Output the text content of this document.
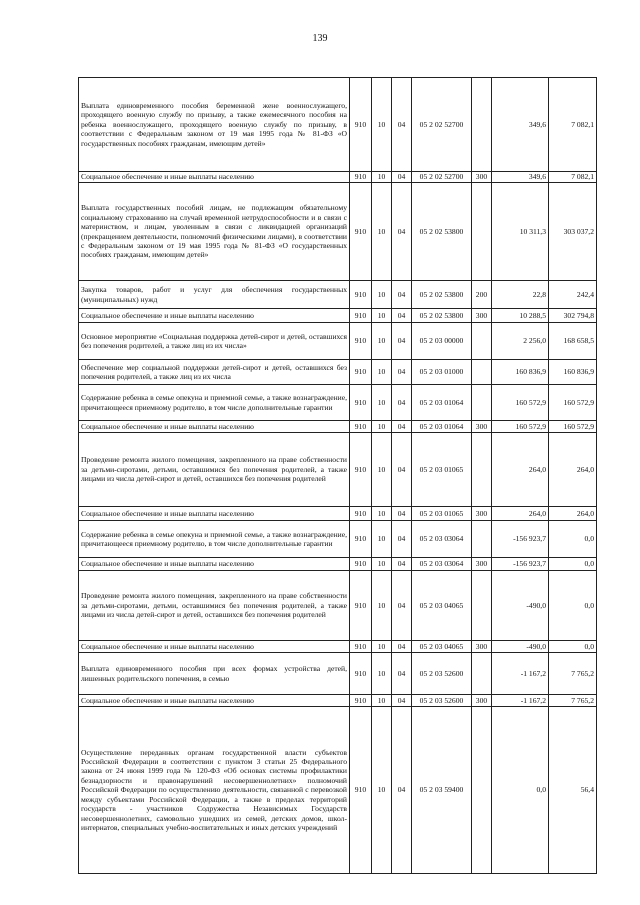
139
Выплата единовременного пособия беременной жене военнослужащего, проходящего военную службу по призыву, а также ежемесячного пособия на ребенка военнослужащего, проходящего военную службу по призыву, в соответствии с Федеральным законом от 19 мая 1995 года № 81-ФЗ «О государственных пособиях гражданам, имеющим детей»	910	10	04	05 2 02 52700		349,6	7 082,1
Социальное обеспечение и иные выплаты населению	910	10	04	05 2 02 52700	300	349,6	7 082,1
Выплата государственных пособий лицам, не подлежащим обязательному социальному страхованию на случай временной нетрудоспособности и в связи с материнством, и лицам, уволенным в связи с ликвидацией организаций (прекращением деятельности, полномочий физическими лицами), в соответствии с Федеральным законом от 19 мая 1995 года № 81-ФЗ «О государственных пособиях гражданам, имеющим детей»	910	10	04	05 2 02 53800		10 311,3	303 037,2
Закупка товаров, работ и услуг для обеспечения государственных (муниципальных) нужд	910	10	04	05 2 02 53800	200	22,8	242,4
Социальное обеспечение и иные выплаты населению	910	10	04	05 2 02 53800	300	10 288,5	302 794,8
Основное мероприятие «Социальная поддержка детей-сирот и детей, оставшихся без попечения родителей, а также лиц из их числа»	910	10	04	05 2 03 00000		2 256,0	168 658,5
Обеспечение мер социальной поддержки детей-сирот и детей, оставшихся без попечения родителей, а также лиц из их числа	910	10	04	05 2 03 01000		160 836,9	160 836,9
Содержание ребенка в семье опекуна и приемной семье, а также вознаграждение, причитающееся приемному родителю, в том числе дополнительные гарантии	910	10	04	05 2 03 01064		160 572,9	160 572,9
Социальное обеспечение и иные выплаты населению	910	10	04	05 2 03 01064	300	160 572,9	160 572,9
Проведение ремонта жилого помещения, закрепленного на праве собственности за детьми-сиротами, детьми, оставшимися без попечения родителей, а также лицами из числа детей-сирот и детей, оставшихся без попечения родителей	910	10	04	05 2 03 01065		264,0	264,0
Социальное обеспечение и иные выплаты населению	910	10	04	05 2 03 01065	300	264,0	264,0
Содержание ребенка в семье опекуна и приемной семье, а также вознаграждение, причитающееся приемному родителю, в том числе дополнительные гарантии	910	10	04	05 2 03 03064		-156 923,7	0,0
Социальное обеспечение и иные выплаты населению	910	10	04	05 2 03 03064	300	-156 923,7	0,0
Проведение ремонта жилого помещения, закрепленного на праве собственности за детьми-сиротами, детьми, оставшимися без попечения родителей, а также лицами из числа детей-сирот и детей, оставшихся без попечения родителей	910	10	04	05 2 03 04065		-490,0	0,0
Социальное обеспечение и иные выплаты населению	910	10	04	05 2 03 04065	300	-490,0	0,0
Выплата единовременного пособия при всех формах устройства детей, лишенных родительского попечения, в семью	910	10	04	05 2 03 52600		-1 167,2	7 765,2
Социальное обеспечение и иные выплаты населению	910	10	04	05 2 03 52600	300	-1 167,2	7 765,2
Осуществление переданных органам государственной власти субъектов Российской Федерации в соответствии с пунктом 3 статьи 25 Федерального закона от 24 июня 1999 года № 120-ФЗ «Об основах системы профилактики безнадзорности и правонарушений несовершеннолетних» полномочий Российской Федерации по осуществлению деятельности, связанной с перевозкой между субъектами Российской Федерации, а также в пределах территорий государств - участников Содружества Независимых Государств несовершеннолетних, самовольно ушедших из семей, детских домов, школ-интернатов, специальных учебно-воспитательных и иных детских учреждений	910	10	04	05 2 03 59400		0,0	56,4
